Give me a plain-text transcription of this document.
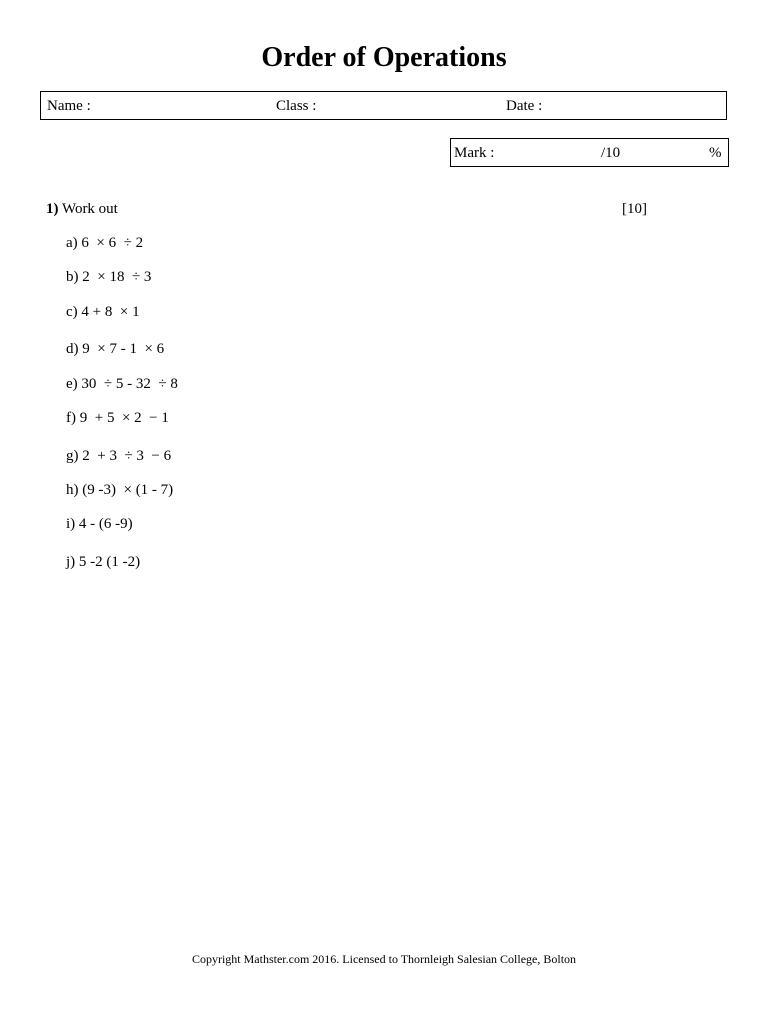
Order of Operations
Name :	Class :	Date :
Mark :	/10	%
1) Work out	[10]
a) 6  × 6  ÷ 2
b) 2  × 18  ÷ 3
c) 4 + 8  × 1
d) 9  × 7 - 1  × 6
e) 30  ÷ 5 - 32  ÷ 8
f) 9  + 5  × 2  − 1
g) 2  + 3  ÷ 3  − 6
h) (9 -3)  × (1 - 7)
i) 4 - (6 -9)
j) 5 -2 (1 -2)
Copyright Mathster.com 2016. Licensed to Thornleigh Salesian College, Bolton
